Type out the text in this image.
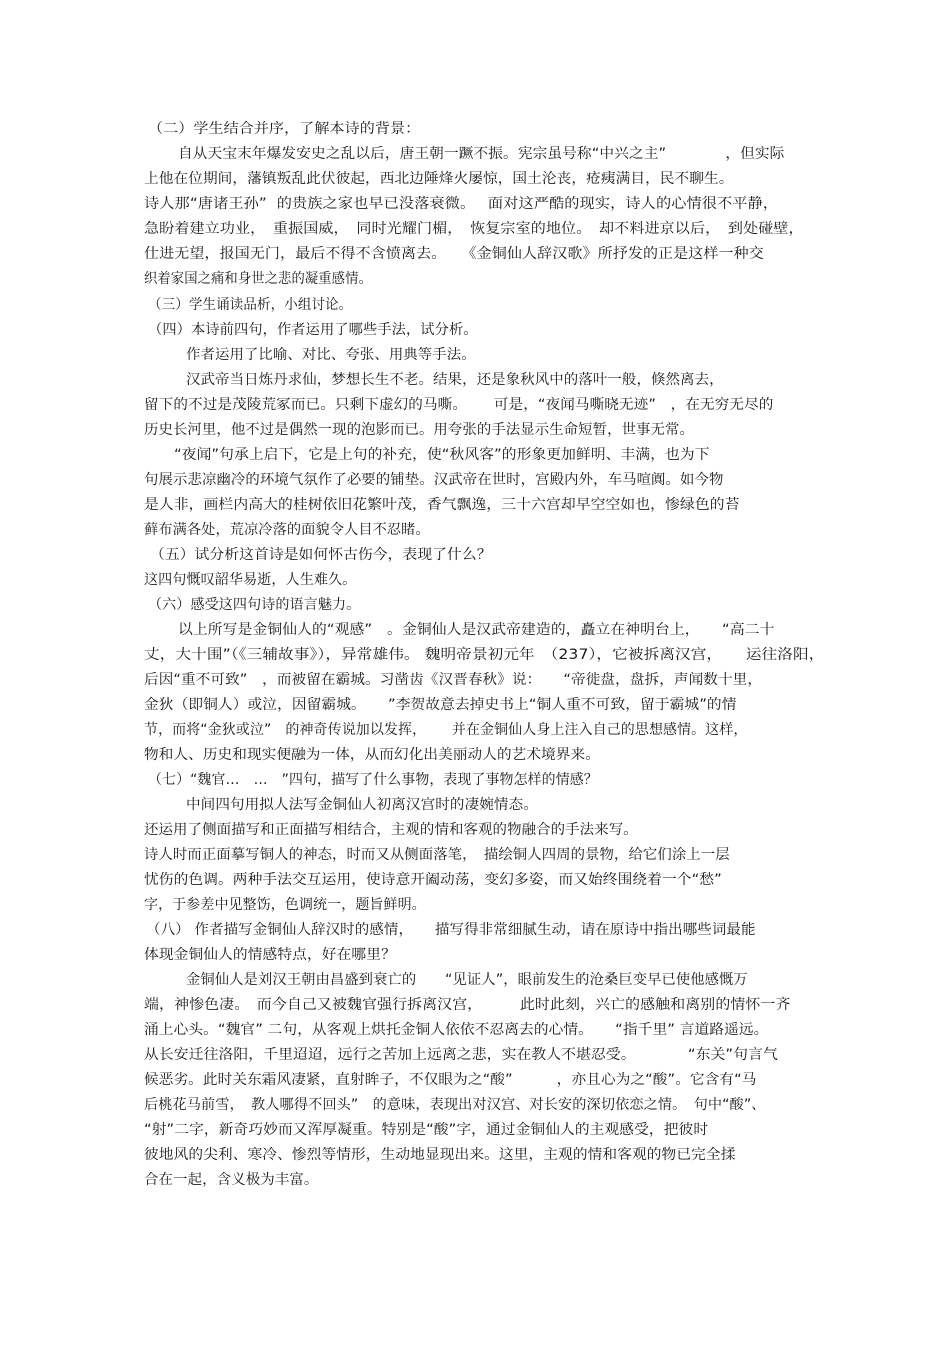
（二）学生结合并序，了解本诗的背景：
自从天宝末年爆发安史之乱以后，唐王朝一蹶不振。宪宗虽号称“中兴之主”　　　　，但实际
上他在位期间，藩镇叛乱此伏彼起，西北边陲烽火屡惊，国土沦丧，疮痍满目，民不聊生。
诗人那“唐诸王孙”  的贵族之家也早已没落衰微。　 面对这严酷的现实，诗人的心情很不平静，
急盼着建立功业，　重振国威，　同时光耀门楣，　恢复宗室的地位。　却不料进京以后，　到处碰壁，
仕进无望，报国无门，最后不得不含愤离去。　　《金铜仙人辞汉歌》所抒发的正是这样一种交
织着家国之痛和身世之悲的凝重感情。
（三）学生诵读品析，小组讨论。
（四）本诗前四句，作者运用了哪些手法，试分析。
作者运用了比喻、对比、夸张、用典等手法。
汉武帝当日炼丹求仙，梦想长生不老。结果，还是象秋风中的落叶一般，倏然离去，
留下的不过是茂陵荒冢而已。只剩下虚幻的马嘶。　　 可是，“夜闻马嘶晓无迹”　，在无穷无尽的
历史长河里，他不过是偶然一现的泡影而已。用夸张的手法显示生命短暂，世事无常。
“夜闻”句承上启下，它是上句的补充，使“秋风客”的形象更加鲜明、丰满，也为下
句展示悲凉幽冷的环境气氛作了必要的铺垫。汉武帝在世时，宫殿内外，车马喧阗。如今物
是人非，画栏内高大的桂树依旧花繁叶茂，香气飘逸，三十六宫却早空空如也，惨绿色的苔
藓布满各处，荒凉冷落的面貌令人目不忍睹。
（五）试分析这首诗是如何怀古伤今，表现了什么？
这四句慨叹韶华易逝，人生难久。
（六）感受这四句诗的语言魅力。
以上所写是金铜仙人的“观感”　。金铜仙人是汉武帝建造的，矗立在神明台上，　　“高二十
丈，大十围”（《三辅故事》），异常雄伟。 魏明帝景初元年　（237），它被拆离汉宫，　　运往洛阳，
后因“重不可致”　，而被留在霸城。习凿齿《汉晋春秋》说：　　“帝徙盘，盘拆，声闻数十里，
金狄（即铜人）或泣，因留霸城。　　”李贺故意去掉史书上“铜人重不可致，留于霸城”的情
节，而将“金狄或泣”　的神奇传说加以发挥，　　 并在金铜仙人身上注入自己的思想感情。这样，
物和人、历史和现实便融为一体，从而幻化出美丽动人的艺术境界来。
（七）“魏官…　…　”四句，描写了什么事物，表现了事物怎样的情感？
中间四句用拟人法写金铜仙人初离汉宫时的凄婉情态。
还运用了侧面描写和正面描写相结合，主观的情和客观的物融合的手法来写。
诗人时而正面摹写铜人的神态，时而又从侧面落笔，　描绘铜人四周的景物，给它们涂上一层
忧伤的色调。两种手法交互运用，使诗意开阖动荡，变幻多姿，而又始终围绕着一个“愁”
字，于参差中见整饬，色调统一，题旨鲜明。
（八） 作者描写金铜仙人辞汉时的感情，　　描写得非常细腻生动，请在原诗中指出哪些词最能
体现金铜仙人的情感特点，好在哪里？
金铜仙人是刘汉王朝由昌盛到衰亡的　　“见证人”，眼前发生的沧桑巨变早已使他感慨万
端，神惨色凄。　而今自己又被魏官强行拆离汉宫，　　　此时此刻，兴亡的感触和离别的情怀一齐
涌上心头。“魏官” 二句，从客观上烘托金铜人依依不忍离去的心情。　　“指千里” 言道路遥远。
从长安迁往洛阳，千里迢迢，远行之苦加上远离之悲，实在教人不堪忍受。　　　　“东关”句言气
候恶劣。此时关东霜风凄紧，直射眸子，不仅眼为之“酸”　　　，亦且心为之“酸”。它含有“马
后桃花马前雪，　教人哪得不回头”　的意味，表现出对汉宫、对长安的深切依恋之情。　句中“酸”、
“射”二字，新奇巧妙而又浑厚凝重。特别是“酸”字，通过金铜仙人的主观感受，把彼时
彼地风的尖利、寒冷、惨烈等情形，生动地显现出来。这里，主观的情和客观的物已完全揉
合在一起，含义极为丰富。
